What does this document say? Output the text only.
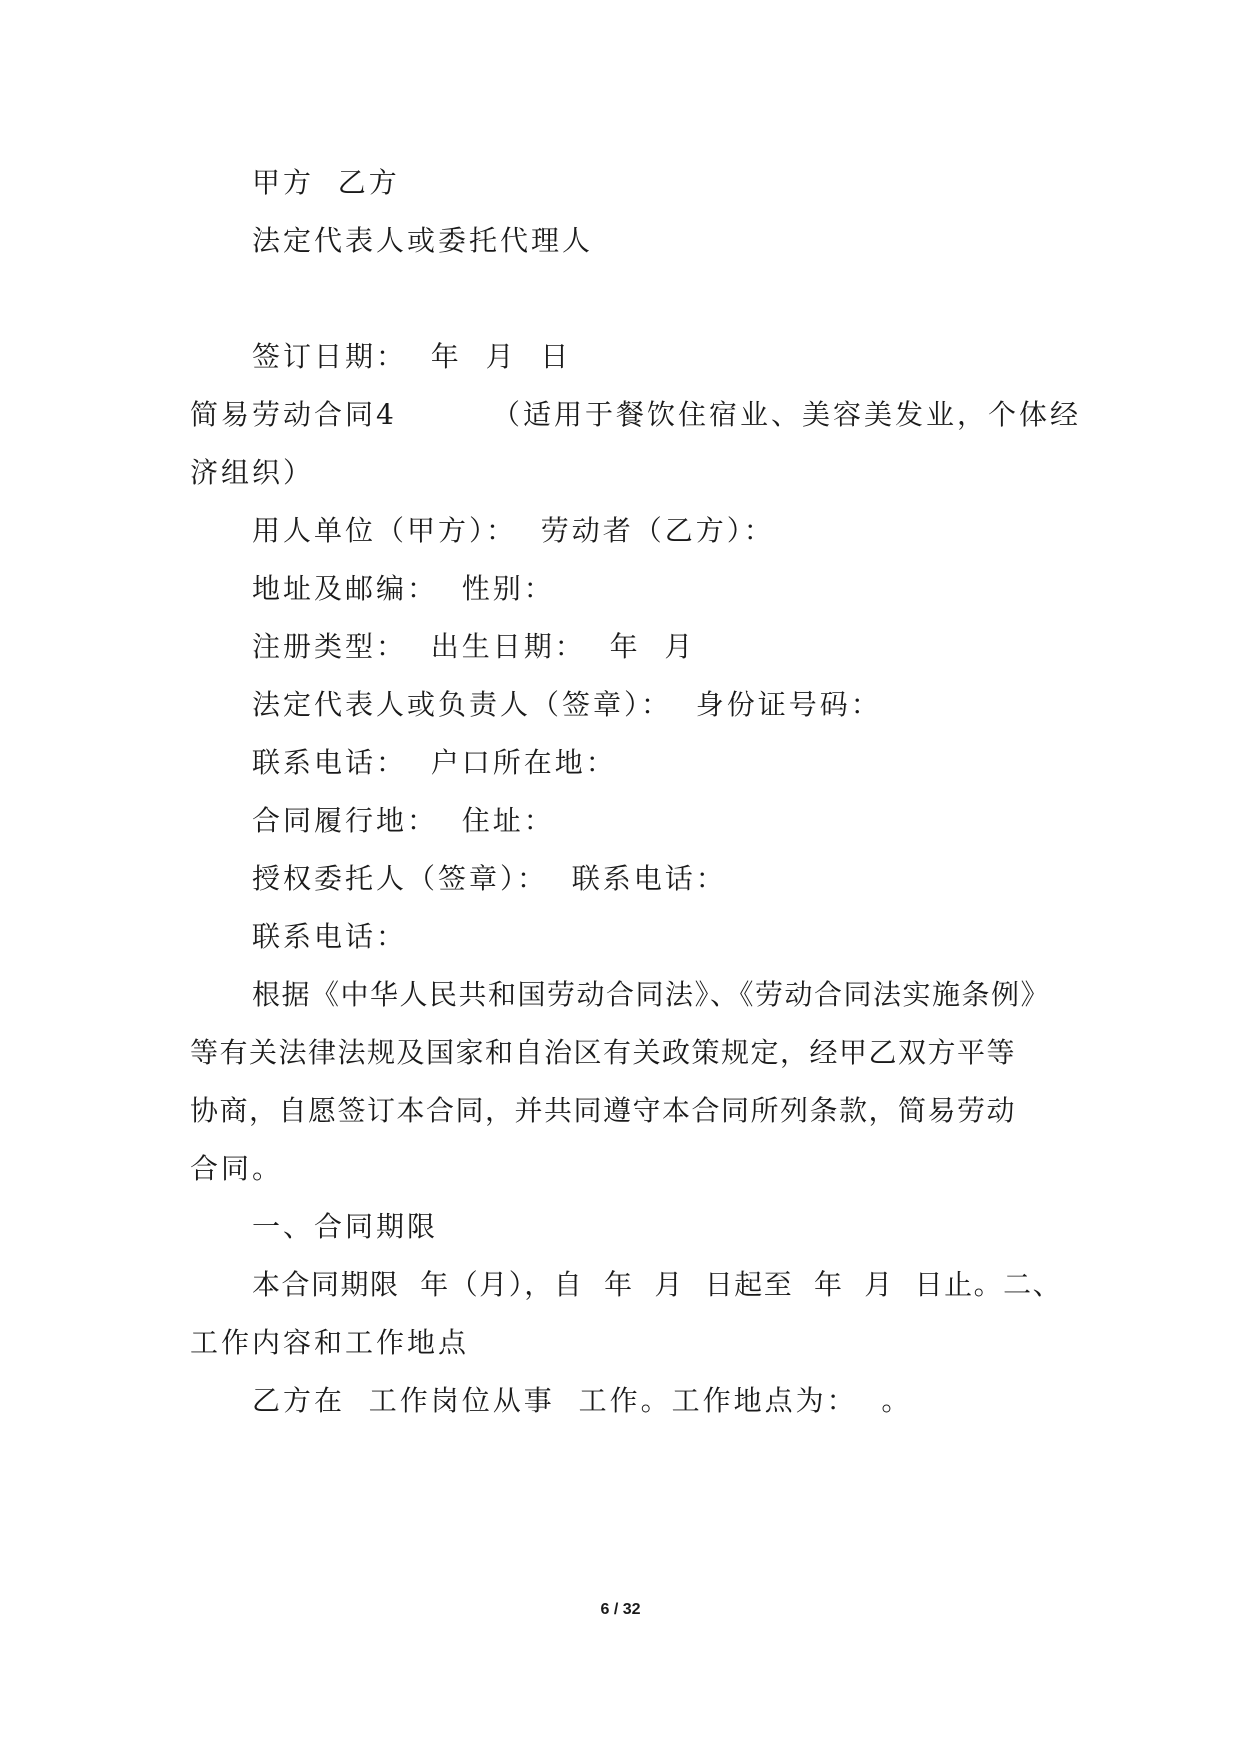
甲方  乙方
法定代表人或委托代理人
签订日期：  年  月  日
简易劳动合同4        （适用于餐饮住宿业、美容美发业，个体经
济组织）
用人单位（甲方）：  劳动者（乙方）：
地址及邮编：  性别：
注册类型：  出生日期：  年  月
法定代表人或负责人（签章）：  身份证号码：
联系电话：  户口所在地：
合同履行地：  住址：
授权委托人（签章）：  联系电话：
联系电话：
根据《中华人民共和国劳动合同法》、《劳动合同法实施条例》
等有关法律法规及国家和自治区有关政策规定，经甲乙双方平等
协商，自愿签订本合同，并共同遵守本合同所列条款，简易劳动
合同。
一、合同期限
本合同期限  年（月），自  年  月  日起至  年  月  日止。二、
工作内容和工作地点
乙方在  工作岗位从事  工作。工作地点为：  。
6 / 32
